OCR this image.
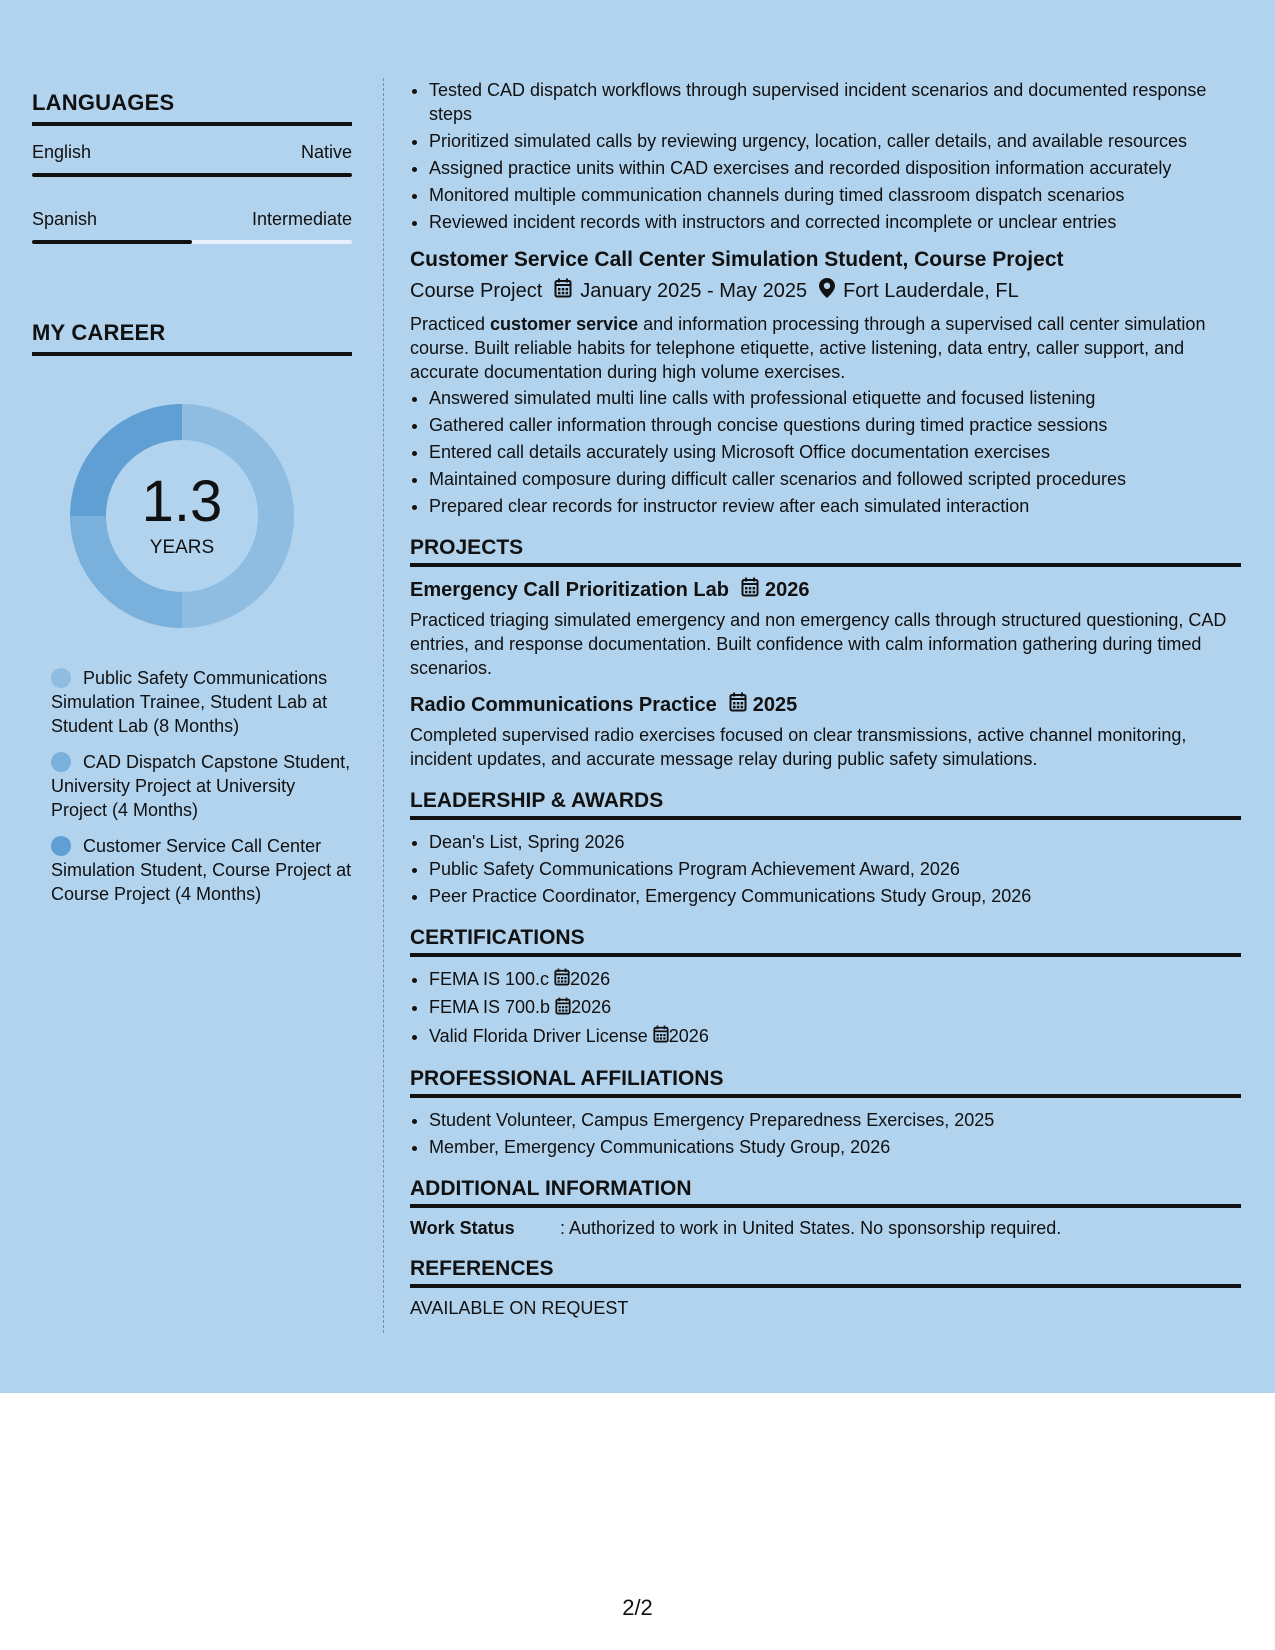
LANGUAGES
English	Native
Spanish	Intermediate
MY CAREER
1.3
YEARS
Public Safety Communications Simulation Trainee, Student Lab at Student Lab (8 Months)
CAD Dispatch Capstone Student, University Project at University Project (4 Months)
Customer Service Call Center Simulation Student, Course Project at Course Project (4 Months)
• Tested CAD dispatch workflows through supervised incident scenarios and documented response steps
• Prioritized simulated calls by reviewing urgency, location, caller details, and available resources
• Assigned practice units within CAD exercises and recorded disposition information accurately
• Monitored multiple communication channels during timed classroom dispatch scenarios
• Reviewed incident records with instructors and corrected incomplete or unclear entries
Customer Service Call Center Simulation Student, Course Project
Course Project January 2025 - May 2025 Fort Lauderdale, FL
Practiced customer service and information processing through a supervised call center simulation course. Built reliable habits for telephone etiquette, active listening, data entry, caller support, and accurate documentation during high volume exercises.
• Answered simulated multi line calls with professional etiquette and focused listening
• Gathered caller information through concise questions during timed practice sessions
• Entered call details accurately using Microsoft Office documentation exercises
• Maintained composure during difficult caller scenarios and followed scripted procedures
• Prepared clear records for instructor review after each simulated interaction
PROJECTS
Emergency Call Prioritization Lab 2026
Practiced triaging simulated emergency and non emergency calls through structured questioning, CAD entries, and response documentation. Built confidence with calm information gathering during timed scenarios.
Radio Communications Practice 2025
Completed supervised radio exercises focused on clear transmissions, active channel monitoring, incident updates, and accurate message relay during public safety simulations.
LEADERSHIP & AWARDS
• Dean's List, Spring 2026
• Public Safety Communications Program Achievement Award, 2026
• Peer Practice Coordinator, Emergency Communications Study Group, 2026
CERTIFICATIONS
• FEMA IS 100.c 2026
• FEMA IS 700.b 2026
• Valid Florida Driver License 2026
PROFESSIONAL AFFILIATIONS
• Student Volunteer, Campus Emergency Preparedness Exercises, 2025
• Member, Emergency Communications Study Group, 2026
ADDITIONAL INFORMATION
Work Status	: Authorized to work in United States. No sponsorship required.
REFERENCES
AVAILABLE ON REQUEST
2/2
